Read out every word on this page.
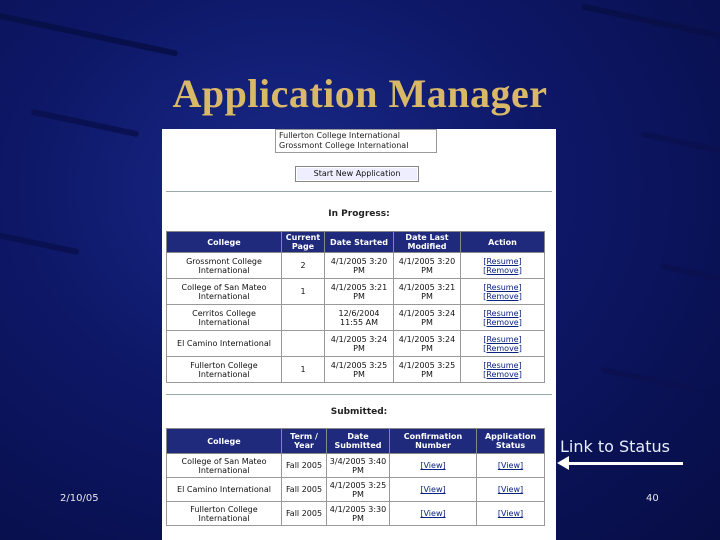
Application Manager
Fullerton College International
Grossmont College International
Start New Application
In Progress:
College	Current Page	Date Started	Date Last Modified	Action
Grossmont College International	2	4/1/2005 3:20 PM	4/1/2005 3:20 PM	[Resume] [Remove]
College of San Mateo International	1	4/1/2005 3:21 PM	4/1/2005 3:21 PM	[Resume] [Remove]
Cerritos College International		12/6/2004 11:55 AM	4/1/2005 3:24 PM	[Resume] [Remove]
El Camino International		4/1/2005 3:24 PM	4/1/2005 3:24 PM	[Resume] [Remove]
Fullerton College International	1	4/1/2005 3:25 PM	4/1/2005 3:25 PM	[Resume] [Remove]
Submitted:
College	Term / Year	Date Submitted	Confirmation Number	Application Status
College of San Mateo International	Fall 2005	3/4/2005 3:40 PM	[View]	[View]
El Camino International	Fall 2005	4/1/2005 3:25 PM	[View]	[View]
Fullerton College International	Fall 2005	4/1/2005 3:30 PM	[View]	[View]
Link to Status
2/10/05	40
